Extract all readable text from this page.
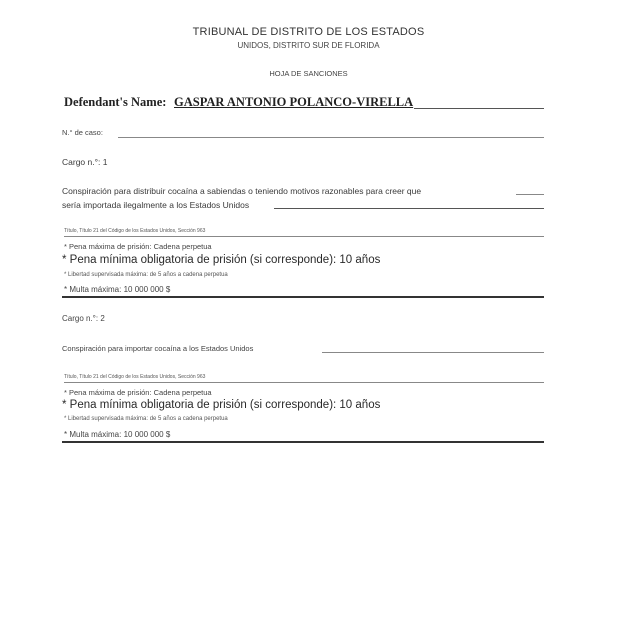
TRIBUNAL DE DISTRITO DE LOS ESTADOS
UNIDOS, DISTRITO SUR DE FLORIDA
HOJA DE SANCIONES
Defendant's Name: GASPAR ANTONIO POLANCO-VIRELLA
N.° de caso:
Cargo n.°: 1
Conspiración para distribuir cocaína a sabiendas o teniendo motivos razonables para creer que
sería importada ilegalmente a los Estados Unidos
Título, Título 21 del Código de los Estados Unidos, Sección 963
* Pena máxima de prisión: Cadena perpetua
* Pena mínima obligatoria de prisión (si corresponde): 10 años
* Libertad supervisada máxima: de 5 años a cadena perpetua
* Multa máxima: 10 000 000 $
Cargo n.°: 2
Conspiración para importar cocaína a los Estados Unidos
Título, Título 21 del Código de los Estados Unidos, Sección 963
* Pena máxima de prisión: Cadena perpetua
* Pena mínima obligatoria de prisión (si corresponde): 10 años
* Libertad supervisada máxima: de 5 años a cadena perpetua
* Multa máxima: 10 000 000 $
